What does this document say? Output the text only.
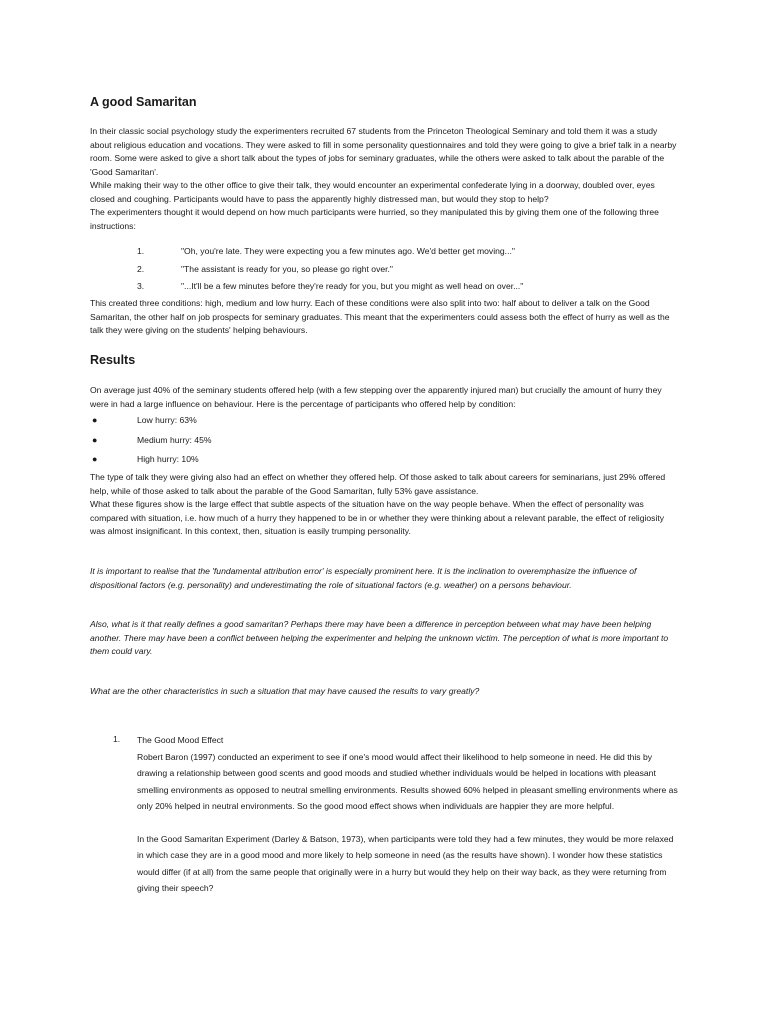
A good Samaritan

In their classic social psychology study the experimenters recruited 67 students from the Princeton Theological Seminary and told them it was a study about religious education and vocations. They were asked to fill in some personality questionnaires and told they were going to give a brief talk in a nearby room. Some were asked to give a short talk about the types of jobs for seminary graduates, while the others were asked to talk about the parable of the 'Good Samaritan'.

While making their way to the other office to give their talk, they would encounter an experimental confederate lying in a doorway, doubled over, eyes closed and coughing. Participants would have to pass the apparently highly distressed man, but would they stop to help?

The experimenters thought it would depend on how much participants were hurried, so they manipulated this by giving them one of the following three instructions:

1.	"Oh, you're late. They were expecting you a few minutes ago. We'd better get moving..."
2.	"The assistant is ready for you, so please go right over."
3.	"...It'll be a few minutes before they're ready for you, but you might as well head on over..."

This created three conditions: high, medium and low hurry. Each of these conditions were also split into two: half about to deliver a talk on the Good Samaritan, the other half on job prospects for seminary graduates. This meant that the experimenters could assess both the effect of hurry as well as the talk they were giving on the students' helping behaviours.

Results

On average just 40% of the seminary students offered help (with a few stepping over the apparently injured man) but crucially the amount of hurry they were in had a large influence on behaviour. Here is the percentage of participants who offered help by condition:

●	Low hurry: 63%
●	Medium hurry: 45%
●	High hurry: 10%

The type of talk they were giving also had an effect on whether they offered help. Of those asked to talk about careers for seminarians, just 29% offered help, while of those asked to talk about the parable of the Good Samaritan, fully 53% gave assistance.

What these figures show is the large effect that subtle aspects of the situation have on the way people behave. When the effect of personality was compared with situation, i.e. how much of a hurry they happened to be in or whether they were thinking about a relevant parable, the effect of religiosity was almost insignificant. In this context, then, situation is easily trumping personality.

It is important to realise that the 'fundamental attribution error' is especially prominent here. It is the inclination to overemphasize the influence of dispositional factors (e.g. personality) and underestimating the role of situational factors (e.g. weather) on a persons behaviour.

Also, what is it that really defines a good samaritan? Perhaps there may have been a difference in perception between what may have been helping another. There may have been a conflict between helping the experimenter and helping the unknown victim. The perception of what is more important to them could vary.

What are the other characteristics in such a situation that may have caused the results to vary greatly?

1. The Good Mood Effect

Robert Baron (1997) conducted an experiment to see if one's mood would affect their likelihood to help someone in need. He did this by drawing a relationship between good scents and good moods and studied whether individuals would be helped in locations with pleasant smelling environments as opposed to neutral smelling environments. Results showed 60% helped in pleasant smelling environments where as only 20% helped in neutral environments. So the good mood effect shows when individuals are happier they are more helpful.

In the Good Samaritan Experiment (Darley & Batson, 1973), when participants were told they had a few minutes, they would be more relaxed in which case they are in a good mood and more likely to help someone in need (as the results have shown). I wonder how these statistics would differ (if at all) from the same people that originally were in a hurry but would they help on their way back, as they were returning from giving their speech?
